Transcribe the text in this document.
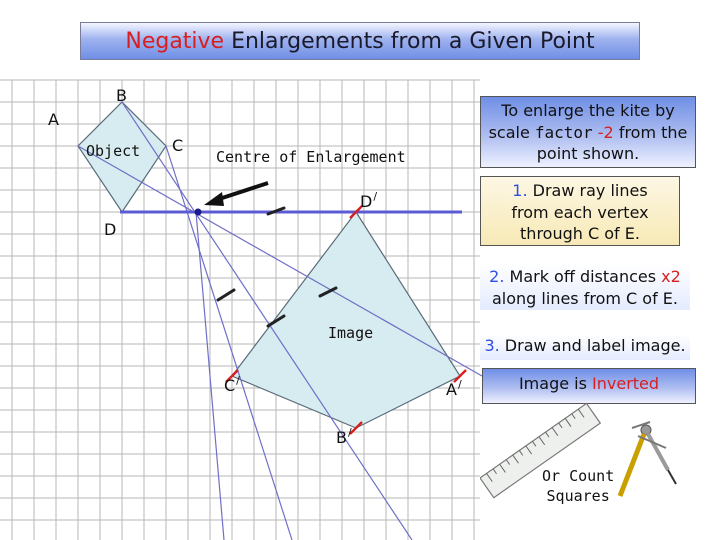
Negative Enlargements from a Given Point
A
B
C
D
Object	Centre of Enlargement
Image
D/
C/	A/
B/
To enlarge the kite by
scale factor -2 from the
point shown.
1. Draw ray lines
from each vertex
through C of E.
2. Mark off distances x2
along lines from C of E.
3. Draw and label image.
Image is Inverted
Or Count
Squares
